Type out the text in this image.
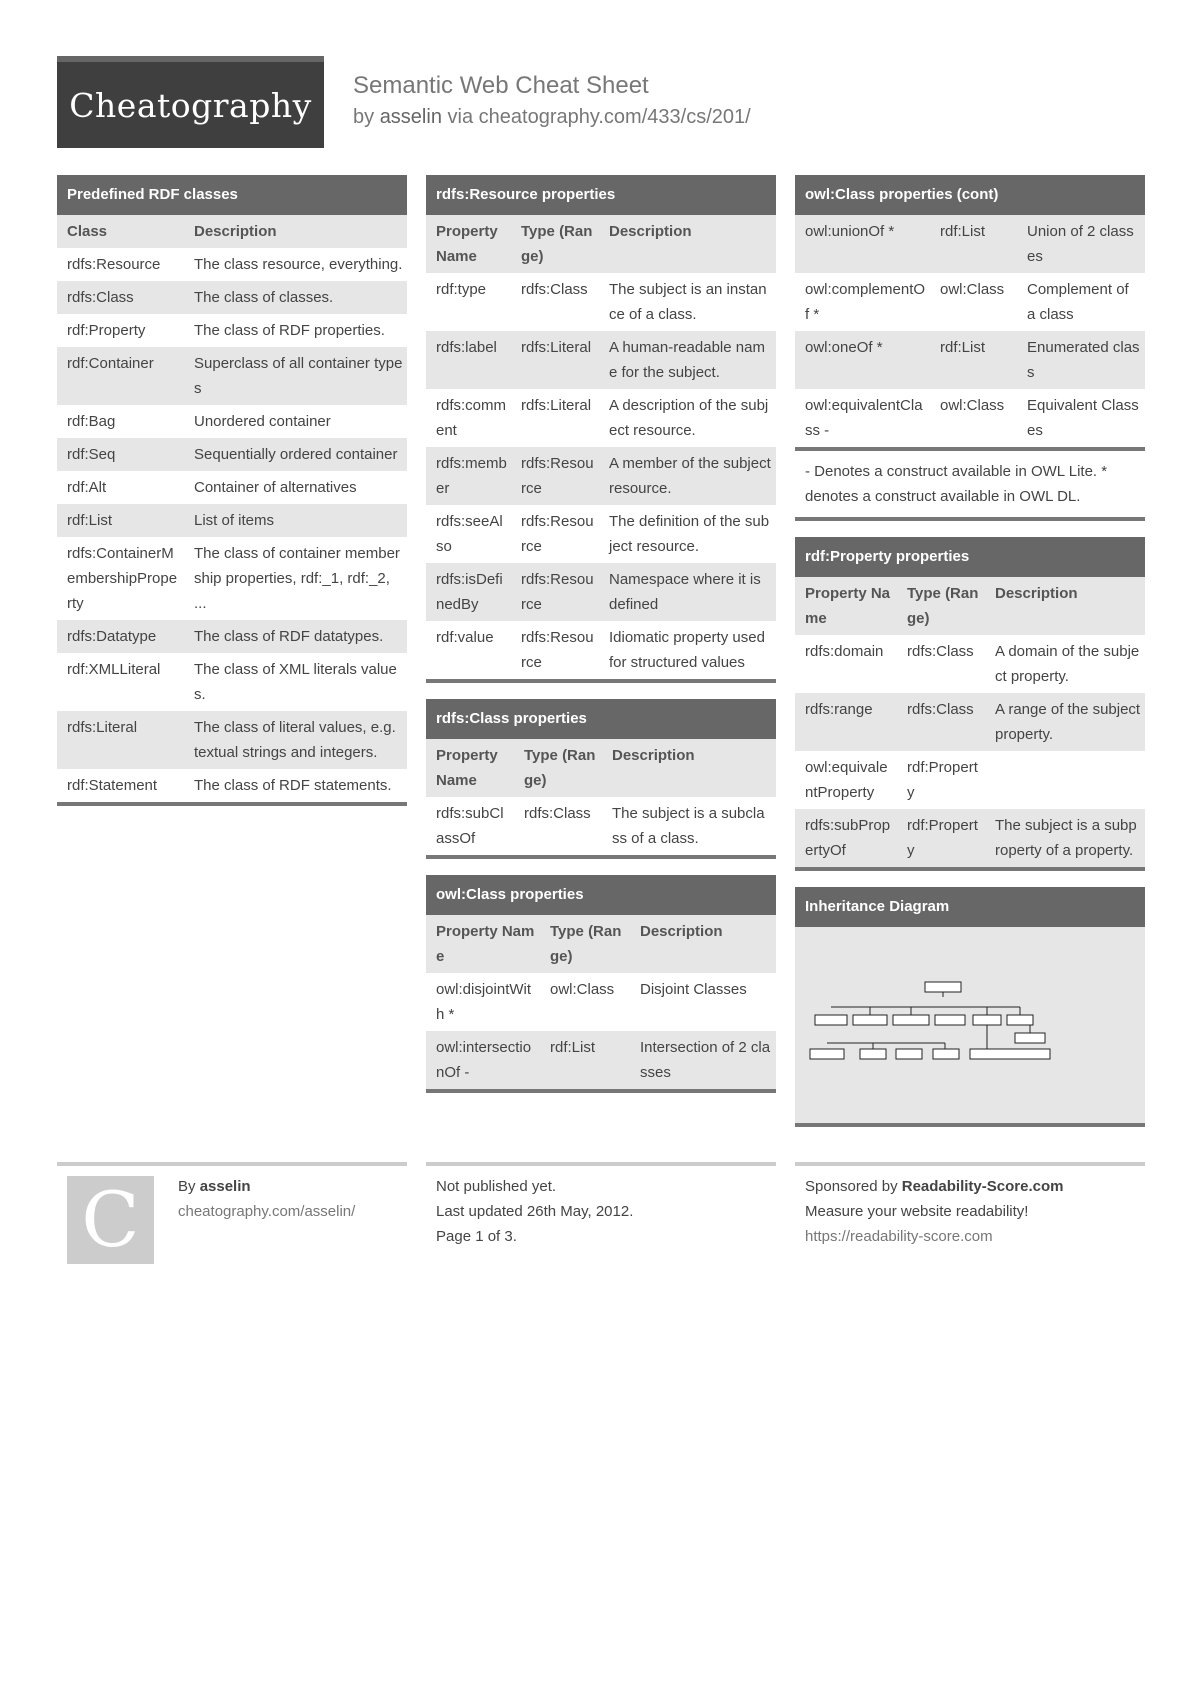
Cheatography	Semantic Web Cheat Sheet
by asselin via cheatography.com/433/cs/201/
Predefined RDF classes
Class	Description
rdfs:Resource	The class resource, everything.
rdfs:Class	The class of classes.
rdf:Property	The class of RDF properties.
rdf:Container	Superclass of all container types
rdf:Bag	Unordered container
rdf:Seq	Sequentially ordered container
rdf:Alt	Container of alternatives
rdf:List	List of items
rdfs:ContainerMembershipProperty	The class of container membership properties, rdf:_1, rdf:_2, ...
rdfs:Datatype	The class of RDF datatypes.
rdf:XMLLiteral	The class of XML literals values.
rdfs:Literal	The class of literal values, e.g. textual strings and integers.
rdf:Statement	The class of RDF statements.
rdfs:Resource properties
Property Name	Type (Range)	Description
rdf:type	rdfs:Class	The subject is an instance of a class.
rdfs:label	rdfs:Literal	A human-readable name for the subject.
rdfs:comment	rdfs:Literal	A description of the subject resource.
rdfs:member	rdfs:Resource	A member of the subject resource.
rdfs:seeAlso	rdfs:Resource	The definition of the subject resource.
rdfs:isDefinedBy	rdfs:Resource	Namespace where it is defined
rdf:value	rdfs:Resource	Idiomatic property used for structured values
rdfs:Class properties
Property Name	Type (Range)	Description
rdfs:subClassOf	rdfs:Class	The subject is a subclass of a class.
owl:Class properties
Property Name	Type (Range)	Description
owl:disjointWith *	owl:Class	Disjoint Classes
owl:intersectionOf -	rdf:List	Intersection of 2 classes
owl:Class properties (cont)
owl:unionOf *	rdf:List	Union of 2 classes
owl:complementOf *	owl:Class	Complement of a class
owl:oneOf *	rdf:List	Enumerated class
owl:equivalentClass -	owl:Class	Equivalent Classes
- Denotes a construct available in OWL Lite. * denotes a construct available in OWL DL.
rdf:Property properties
Property Name	Type (Range)	Description
rdfs:domain	rdfs:Class	A domain of the subject property.
rdfs:range	rdfs:Class	A range of the subject property.
owl:equivalentProperty	rdf:Property	
rdfs:subPropertyOf	rdf:Property	The subject is a subproperty of a property.
Inheritance Diagram
C	By asselin
cheatography.com/asselin/
Not published yet.
Last updated 26th May, 2012.
Page 1 of 3.
Sponsored by Readability-Score.com
Measure your website readability!
https://readability-score.com
